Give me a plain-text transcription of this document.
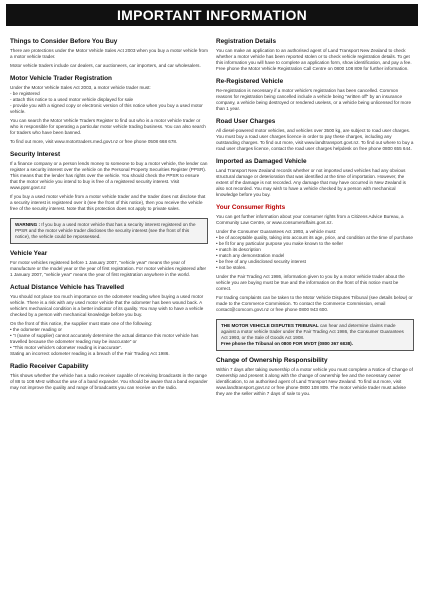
IMPORTANT INFORMATION
Things to Consider Before You Buy

There are protections under the Motor Vehicle Sales Act 2003 when you buy a motor vehicle from a motor vehicle trader.

Motor vehicle traders include car dealers, car auctioneers, car importers, and car wholesalers.

Motor Vehicle Trader Registration
Under the Motor Vehicle Sales Act 2003, a motor vehicle trader must:
- be registered
- attach this notice to a used motor vehicle displayed for sale

- provide you with a signed copy or electronic version of this notice when you buy a used motor vehicle.

You can search the Motor Vehicle Traders Register to find out who is a motor vehicle trader or who is responsible for operating a particular motor vehicle trading business. You can also search for traders who have been banned.

To find out more, visit www.motortraders.med.govt.nz or free phone 0508 668 678.

Security Interest

If a finance company or a person lends money to someone to buy a motor vehicle, the lender can register a security interest over the vehicle on the Personal Property Securities Register (PPSR). This means that the lender has rights over the vehicle. You should check the PPSR to ensure that the motor vehicle you intend to buy is free of a registered security interest. Visit www.ppsr.govt.nz

If you buy a used motor vehicle from a motor vehicle trader and the trader does not disclose that a security interest is registered over it (see the front of this notice), then you receive the vehicle free of the security interest. Note that this protection does not apply to private sales.

WARNING : If you buy a used motor vehicle that has a security interest registered on the PPSR and the motor vehicle trader discloses the security interest (see the front of this notice), the vehicle could be repossessed.

Vehicle Year

For motor vehicles registered before 1 January 2007, "vehicle year" means the year of manufacture or the model year or the year of first registration. For motor vehicles registered after 1 January 2007, "vehicle year" means the year of first registration anywhere in the world.

Actual Distance Vehicle has Travelled

You should not place too much importance on the odometer reading when buying a used motor vehicle. There is a risk with any used motor vehicle that the odometer has been wound back. A vehicle's mechanical condition is a better indicator of its quality. You may wish to have a vehicle checked by a person with mechanical knowledge before you buy.

On the front of this notice, the supplier must state one of the following:
• the odometer reading or
• "I (name of supplier) cannot accurately determine the actual distance this motor vehicle has travelled because the odometer reading may be inaccurate" or
• "This motor vehicle's odometer reading is inaccurate".

Stating an incorrect odometer reading is a breach of the Fair Trading Act 1986.

Radio Receiver Capability

This shows whether the vehicle has a radio receiver capable of receiving broadcasts in the range of 88 to 108 MHz without the use of a band expander. You should be aware that a band expander may not improve the quality and range of broadcasts you can receive on the radio.

Registration Details

You can make an application to an authorised agent of Land Transport New Zealand to check whether a motor vehicle has been reported stolen or to check vehicle registration details. To get this information you will have to complete an application form, show identification, and pay a fee. Free phone the Motor Vehicle Registration Call Centre on 0800 108 809 for further information.

Re-Registered Vehicle

Re-registration is necessary if a motor vehicle's registration has been cancelled. Common reasons for registration being cancelled include a vehicle being "written off" by an insurance company, a vehicle being destroyed or rendered useless, or a vehicle being unlicensed for more than 1 year.

Road User Charges

All diesel-powered motor vehicles, and vehicles over 3500 kg, are subject to road user charges. You must buy a road user charges licence in order to pay these charges, including any outstanding charges. To find out more, visit www.landtransport.govt.nz. To find out where to buy a road user charges licence, contact the road user charges helpdesk on free phone 0800 655 644.

Imported as Damaged Vehicle

Land Transport New Zealand records whether or not imported used vehicles had any obvious structural damage or deterioration that was identified at the time of importation. However, the extent of the damage is not recorded. Any damage that may have occurred in New Zealand is also not recorded. You may wish to have a vehicle checked by a person with mechanical knowledge before you buy.

Your Consumer Rights

You can get further information about your consumer rights from a Citizens Advice Bureau, a Community Law Centre, or www.consumeraffairs.govt.nz.

Under the Consumer Guarantees Act 1993, a vehicle must:
• be of acceptable quality, taking into account its age, price, and condition at the time of purchase
• be fit for any particular purpose you make known to the seller
• match its description
• match any demonstration model
• be free of any undisclosed security interest

• not be stolen.

Under the Fair Trading Act 1986, information given to you by a motor vehicle trader about the vehicle you are buying must be true and the information on the front of this notice must be correct.

For trading complaints can be taken to the Motor Vehicle Disputes Tribunal (see details below) or made to the Commerce Commission. To contact the Commerce Commission, email contact@comcom.govt.nz or free phone 0800 943 600.

THE MOTOR VEHICLE DISPUTES TRIBUNAL can hear and determine claims made against a motor vehicle trader under the Fair Trading Act 1986, the Consumer Guarantees Act 1993, or the Sale of Goods Act 1908.

Free phone the Tribunal on 0800 FOR MVDT (0800 367 6838).

Change of Ownership Responsibility

Within 7 days after taking ownership of a motor vehicle you must complete a Notice of Change of Ownership and present it along with the change of ownership fee and the necessary owner identification, to an authorised agent of Land Transport New Zealand. To find out more, visit www.landtransport.govt.nz or free phone 0800 108 809. The motor vehicle trader must advise they are the seller within 7 days of sale to you.
